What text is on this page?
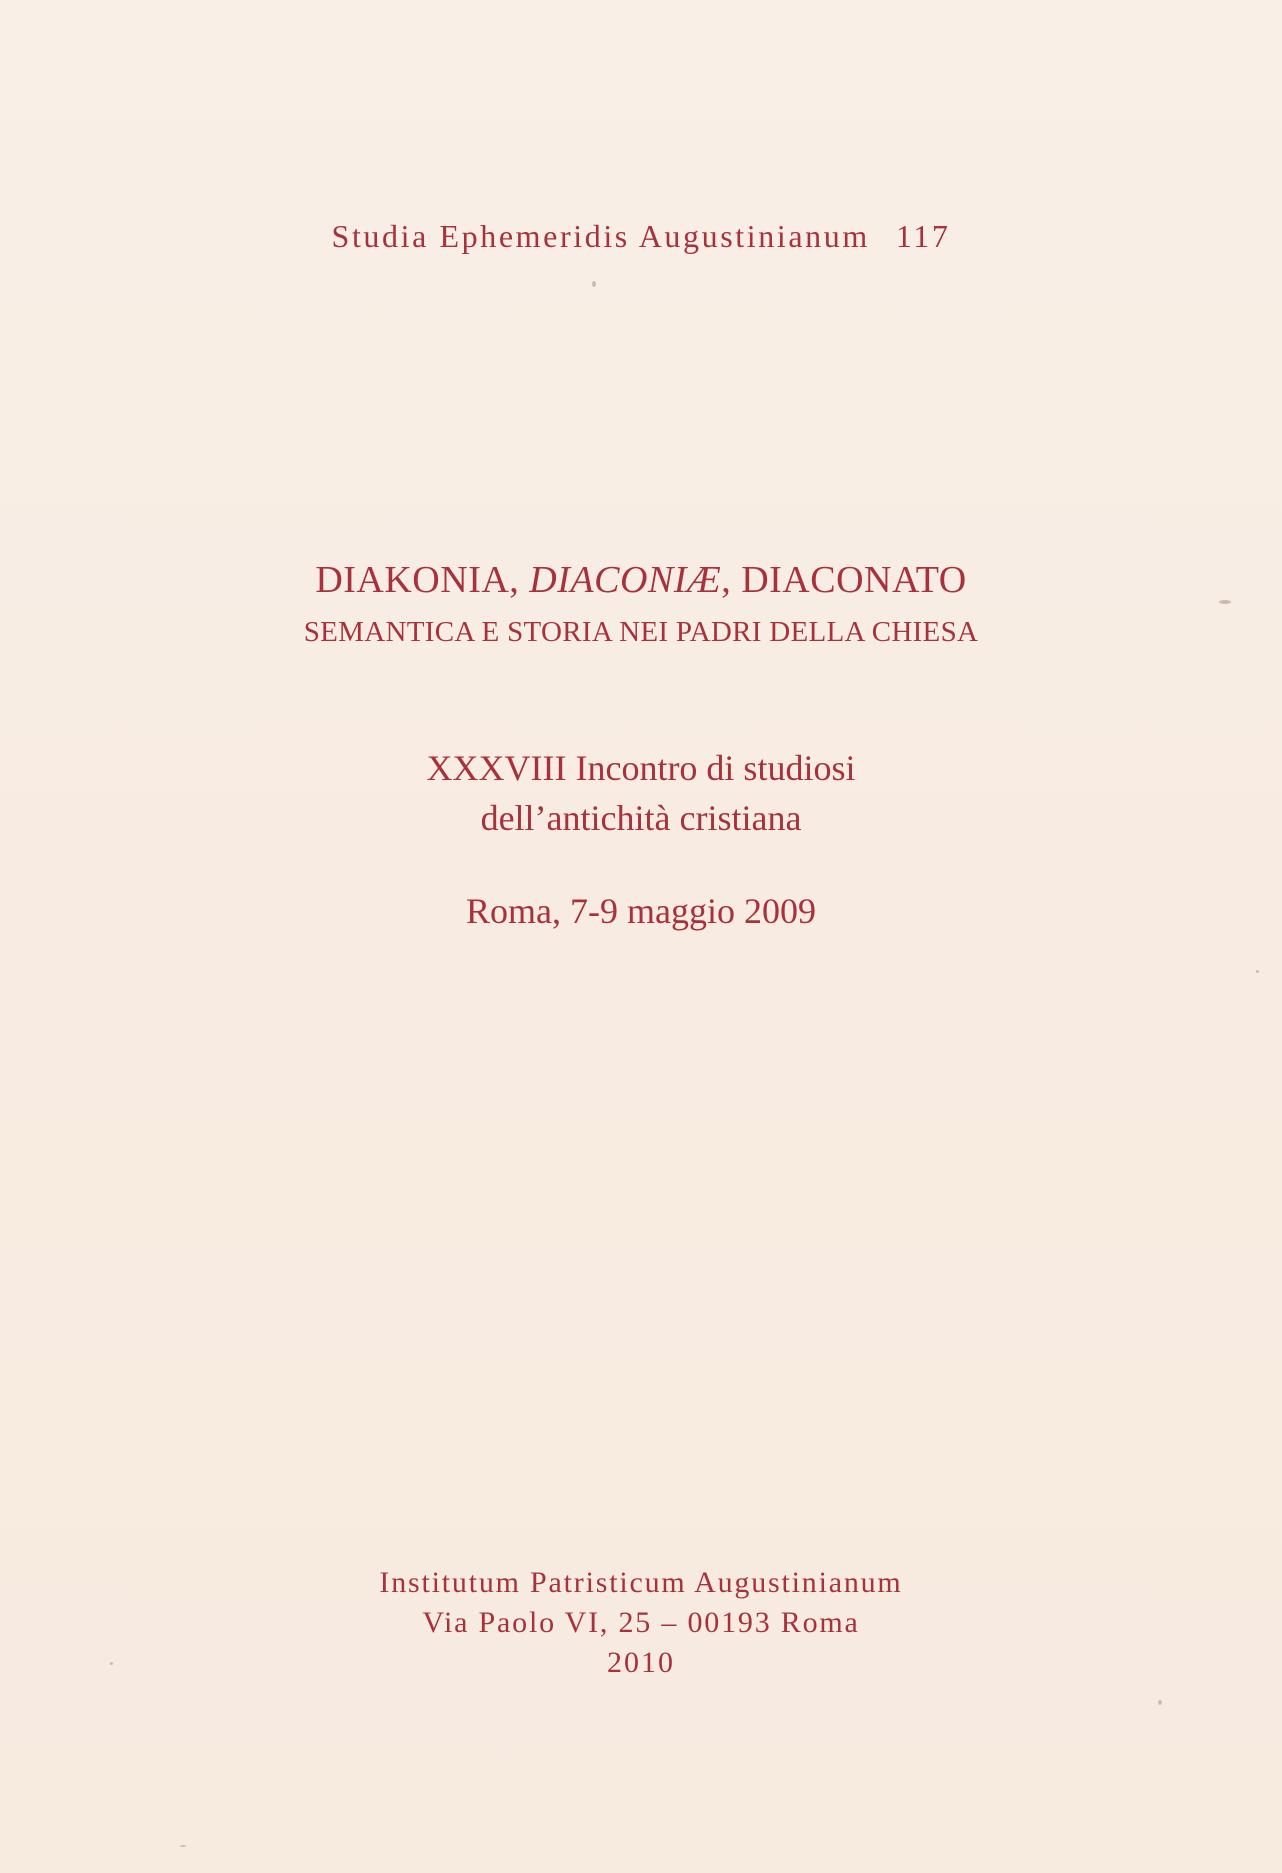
Studia Ephemeridis Augustinianum 117
DIAKONIA, DIACONIÆ, DIACONATO
SEMANTICA E STORIA NEI PADRI DELLA CHIESA
XXXVIII Incontro di studiosi
dell’antichità cristiana
Roma, 7-9 maggio 2009
Institutum Patristicum Augustinianum
Via Paolo VI, 25 – 00193 Roma
2010
